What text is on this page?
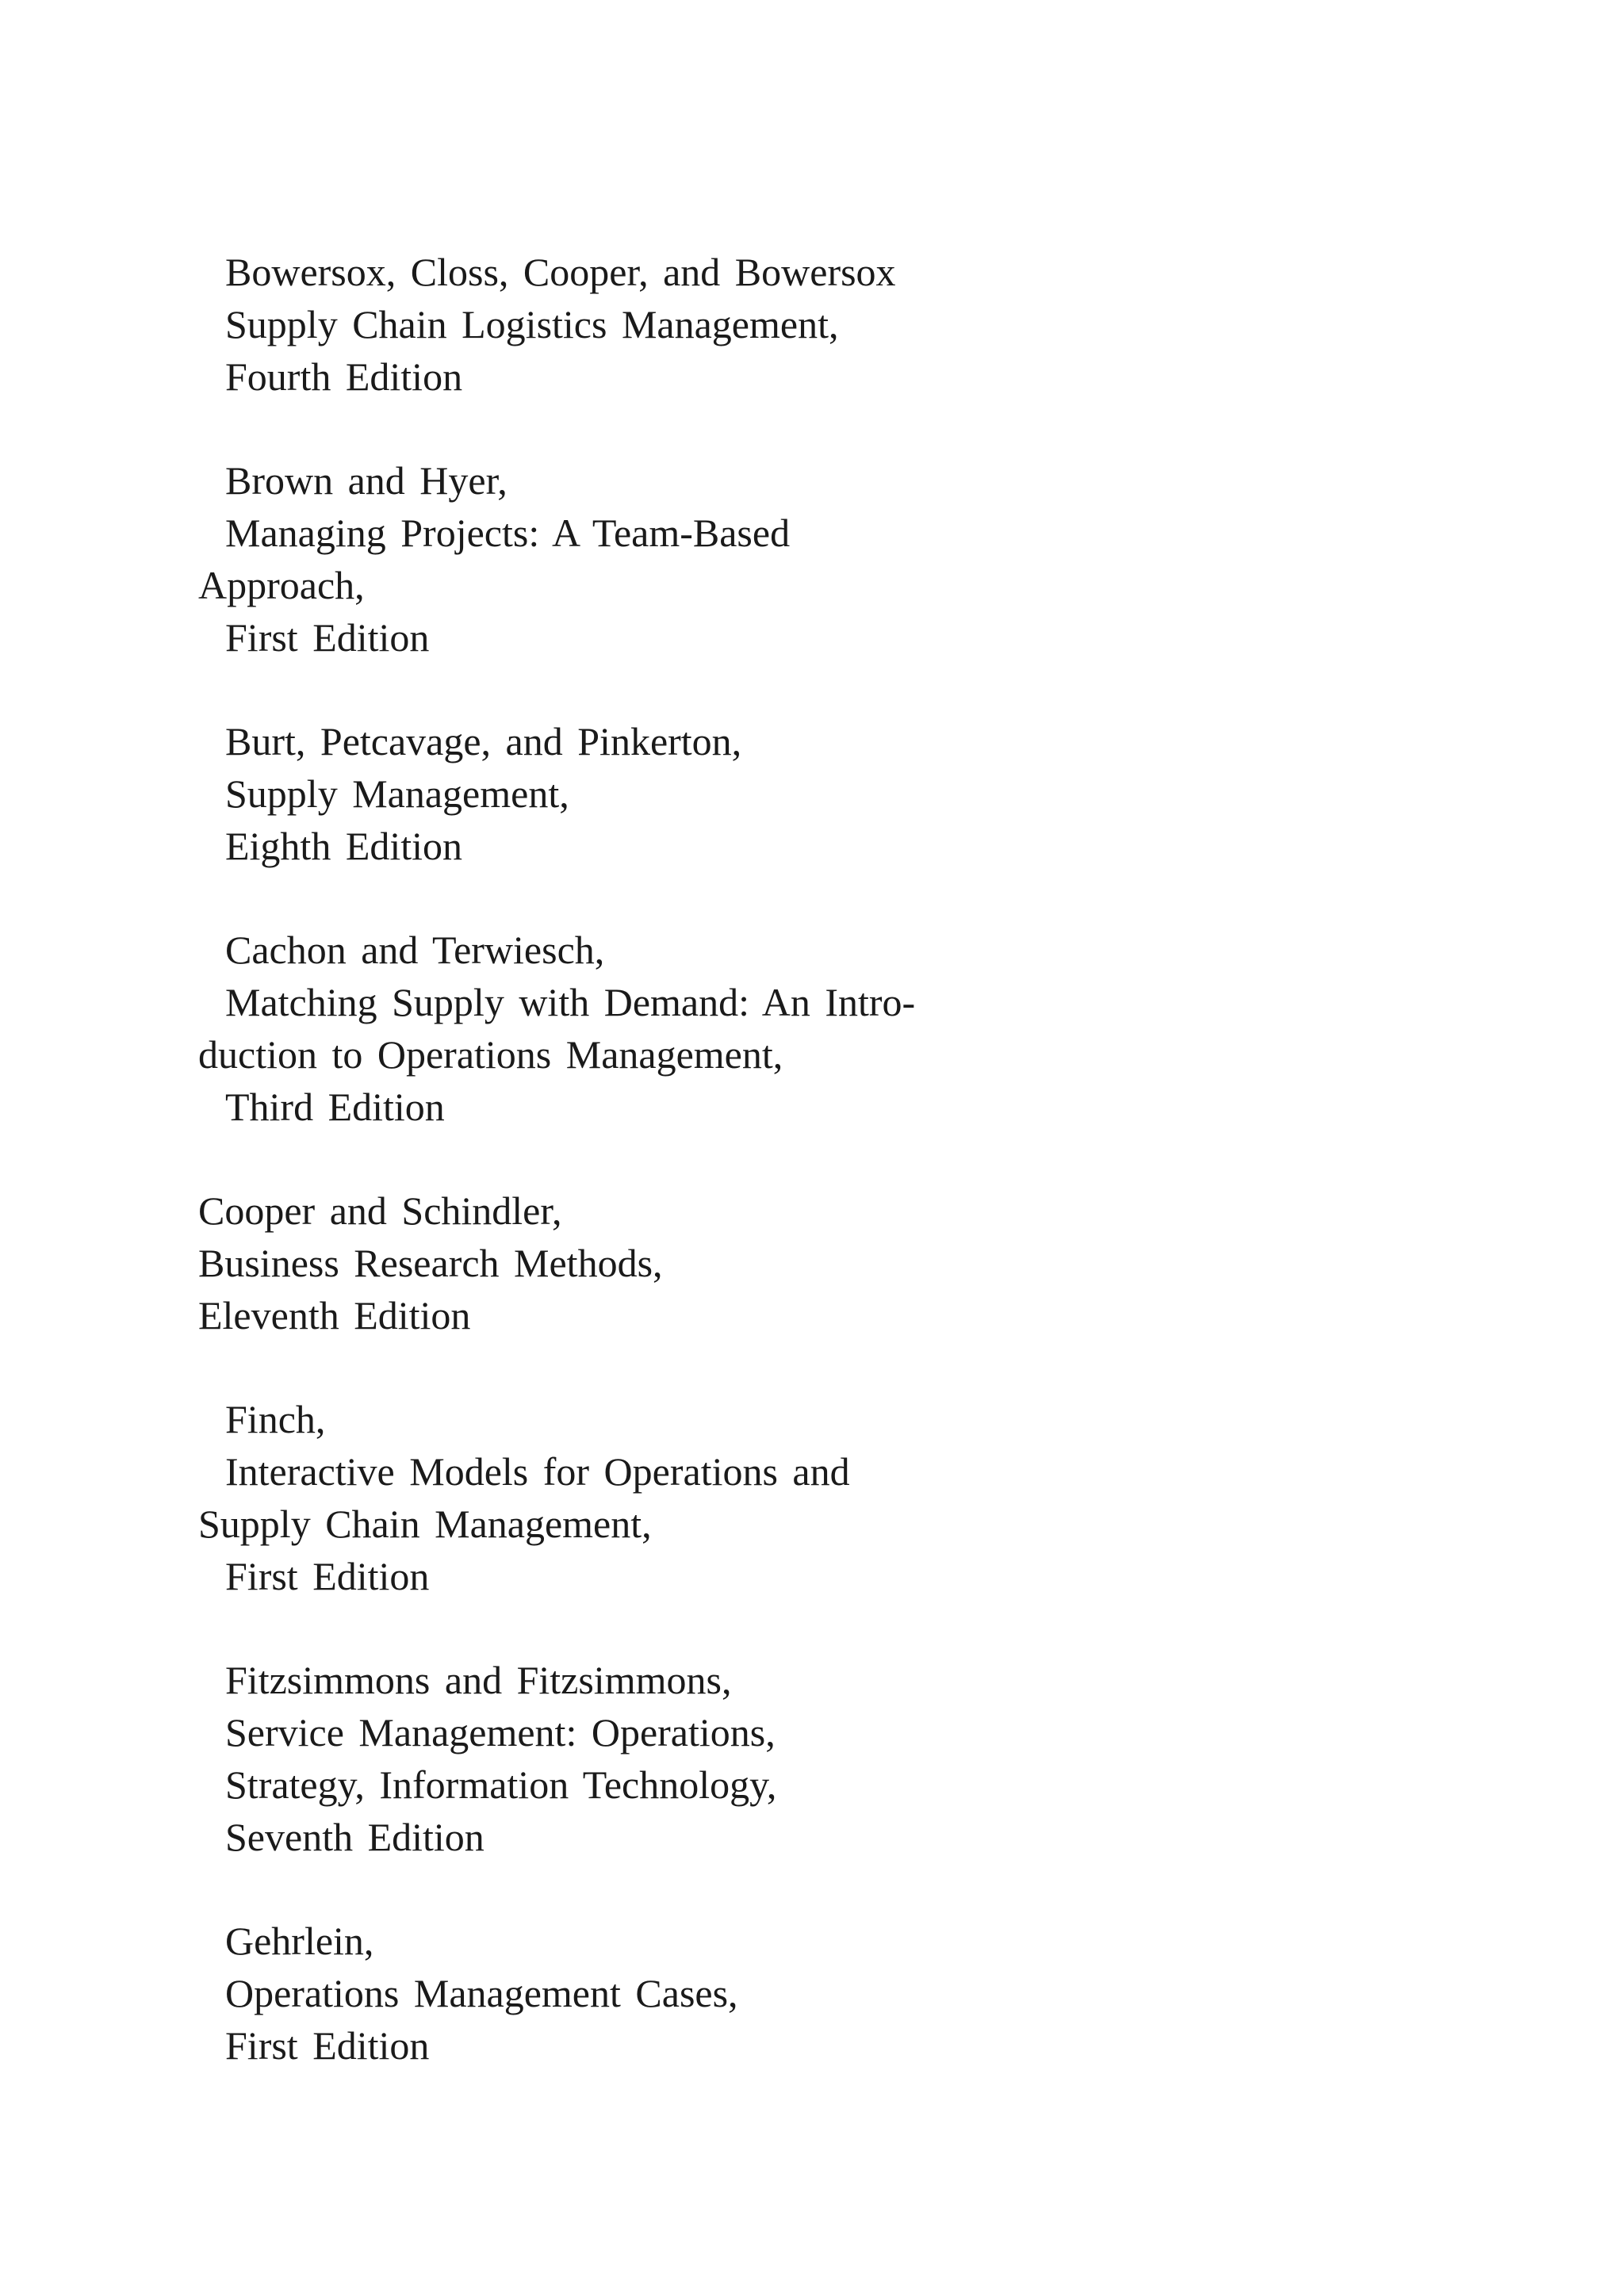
Bowersox, Closs, Cooper, and Bowersox
Supply Chain Logistics Management,
Fourth Edition
Brown and Hyer,
Managing Projects: A Team-Based
Approach,
First Edition
Burt, Petcavage, and Pinkerton,
Supply Management,
Eighth Edition
Cachon and Terwiesch,
Matching Supply with Demand: An Intro-
duction to Operations Management,
Third Edition
Cooper and Schindler,
Business Research Methods,
Eleventh Edition
Finch,
Interactive Models for Operations and
Supply Chain Management,
First Edition
Fitzsimmons and Fitzsimmons,
Service Management: Operations,
Strategy, Information Technology,
Seventh Edition
Gehrlein,
Operations Management Cases,
First Edition
